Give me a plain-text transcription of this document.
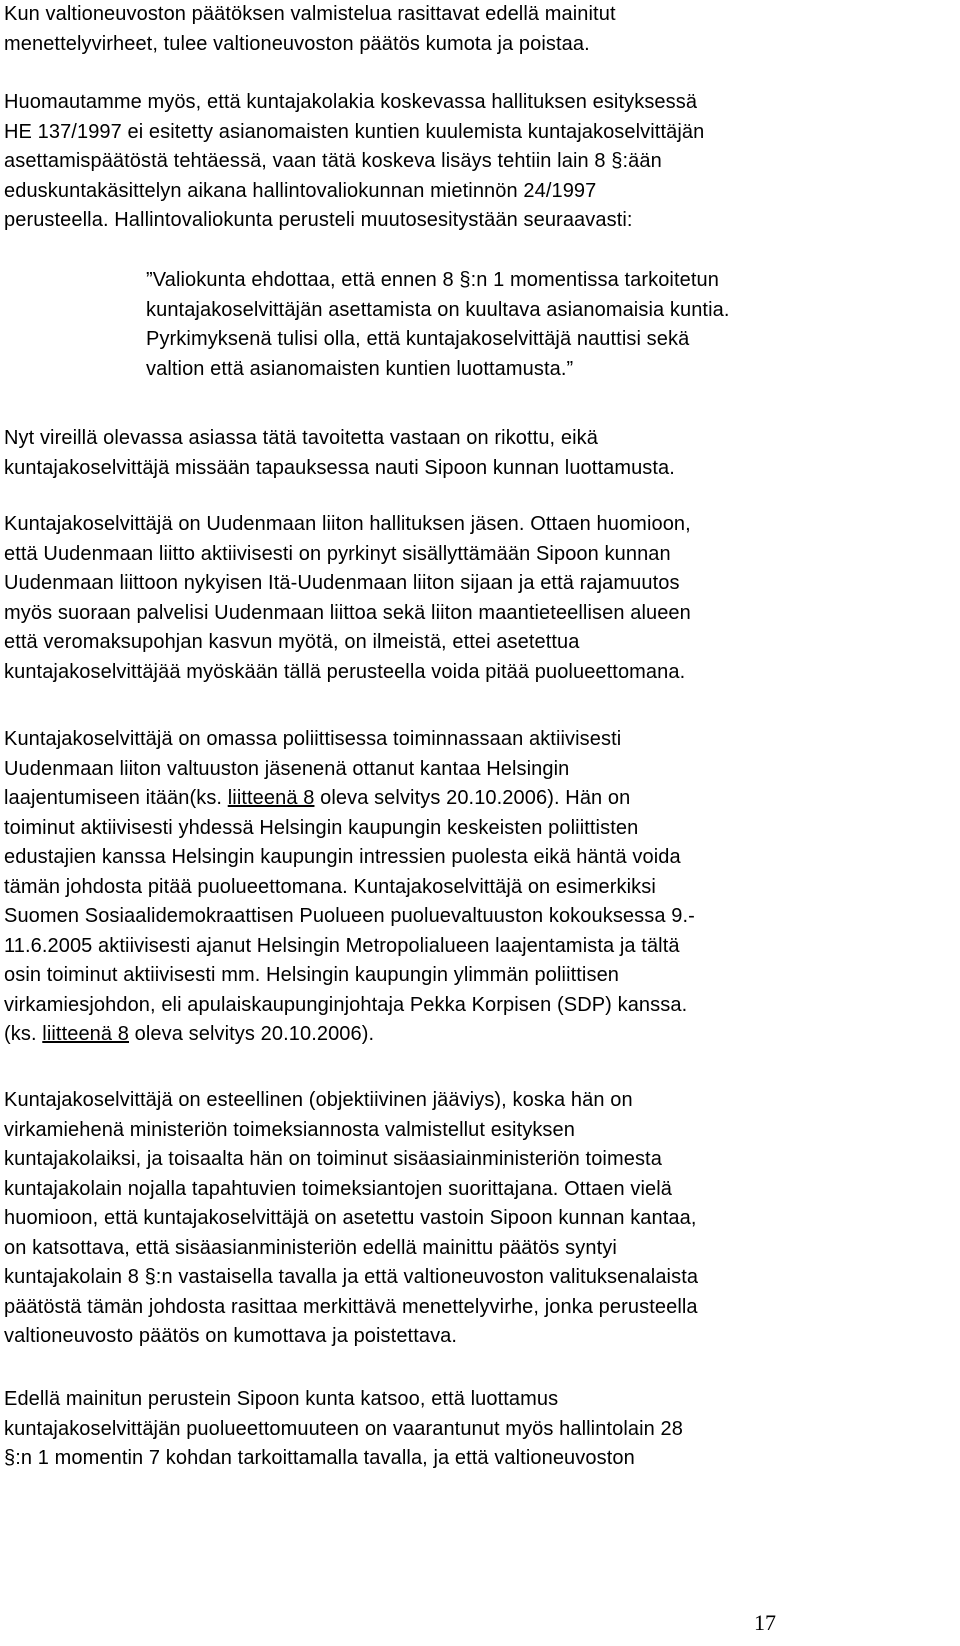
Kun valtioneuvoston päätöksen valmistelua rasittavat edellä mainitut
menettelyvirheet, tulee valtioneuvoston päätös kumota ja poistaa.
Huomautamme myös, että kuntajakolakia koskevassa hallituksen esityksessä
HE 137/1997 ei esitetty asianomaisten kuntien kuulemista kuntajakoselvittäjän
asettamispäätöstä tehtäessä, vaan tätä koskeva lisäys tehtiin lain 8 §:ään
eduskuntakäsittelyn aikana hallintovaliokunnan mietinnön 24/1997
perusteella. Hallintovaliokunta perusteli muutosesitystään seuraavasti:
”Valiokunta ehdottaa, että ennen 8 §:n 1 momentissa tarkoitetun
kuntajakoselvittäjän asettamista on kuultava asianomaisia kuntia.
Pyrkimyksenä tulisi olla, että kuntajakoselvittäjä nauttisi sekä
valtion että asianomaisten kuntien luottamusta.”
Nyt vireillä olevassa asiassa tätä tavoitetta vastaan on rikottu, eikä
kuntajakoselvittäjä missään tapauksessa nauti Sipoon kunnan luottamusta.
Kuntajakoselvittäjä on Uudenmaan liiton hallituksen jäsen. Ottaen huomioon,
että Uudenmaan liitto aktiivisesti on pyrkinyt sisällyttämään Sipoon kunnan
Uudenmaan liittoon nykyisen Itä-Uudenmaan liiton sijaan ja että rajamuutos
myös suoraan palvelisi Uudenmaan liittoa sekä liiton maantieteellisen alueen
että veromaksupohjan kasvun myötä, on ilmeistä, ettei asetettua
kuntajakoselvittäjää myöskään tällä perusteella voida pitää puolueettomana.
Kuntajakoselvittäjä on omassa poliittisessa toiminnassaan aktiivisesti
Uudenmaan liiton valtuuston jäsenenä ottanut kantaa Helsingin
laajentumiseen itään(ks. liitteenä 8 oleva selvitys 20.10.2006). Hän on
toiminut aktiivisesti yhdessä Helsingin kaupungin keskeisten poliittisten
edustajien kanssa Helsingin kaupungin intressien puolesta eikä häntä voida
tämän johdosta pitää puolueettomana. Kuntajakoselvittäjä on esimerkiksi
Suomen Sosiaalidemokraattisen Puolueen puoluevaltuuston kokouksessa 9.-
11.6.2005 aktiivisesti ajanut Helsingin Metropolialueen laajentamista ja tältä
osin toiminut aktiivisesti mm. Helsingin kaupungin ylimmän poliittisen
virkamiesjohdon, eli apulaiskaupunginjohtaja Pekka Korpisen (SDP) kanssa.
(ks. liitteenä 8 oleva selvitys 20.10.2006).
Kuntajakoselvittäjä on esteellinen (objektiivinen jääviys), koska hän on
virkamiehenä ministeriön toimeksiannosta valmistellut esityksen
kuntajakolaiksi, ja toisaalta hän on toiminut sisäasiainministeriön toimesta
kuntajakolain nojalla tapahtuvien toimeksiantojen suorittajana. Ottaen vielä
huomioon, että kuntajakoselvittäjä on asetettu vastoin Sipoon kunnan kantaa,
on katsottava, että sisäasianministeriön edellä mainittu päätös syntyi
kuntajakolain 8 §:n vastaisella tavalla ja että valtioneuvoston valituksenalaista
päätöstä tämän johdosta rasittaa merkittävä menettelyvirhe, jonka perusteella
valtioneuvosto päätös on kumottava ja poistettava.
Edellä mainitun perustein Sipoon kunta katsoo, että luottamus
kuntajakoselvittäjän puolueettomuuteen on vaarantunut myös hallintolain 28
§:n 1 momentin 7 kohdan tarkoittamalla tavalla, ja että valtioneuvoston
17
